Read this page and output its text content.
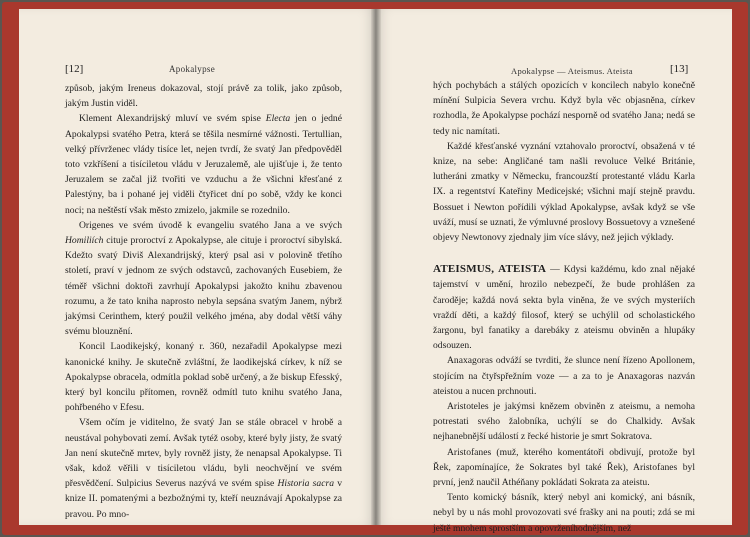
[12]	Apokalypse

způsob, jakým Ireneus dokazoval, stojí právě za tolik, jako způsob, jakým Justin viděl.

Klement Alexandrijský mluví ve svém spise Electa jen o jedné Apokalypsi svatého Petra, která se těšila nesmírné vážnosti. Tertullian, velký přívrženec vlády tisíce let, nejen tvrdí, že svatý Jan předpověděl toto vzkříšení a tisíciletou vládu v Jeruzalemě, ale ujišťuje i, že tento Jeruzalem se začal již tvořiti ve vzduchu a že všichni křesťané z Palestýny, ba i pohané jej viděli čtyřicet dní po sobě, vždy ke konci noci; na neštěstí však město zmizelo, jakmile se rozednilo.

Origenes ve svém úvodě k evangeliu svatého Jana a ve svých Homiliích cituje proroctví z Apokalypse, ale cituje i proroctví sibylská. Kdežto svatý Diviš Alexandrijský, který psal asi v polovině třetího století, praví v jednom ze svých odstavců, zachovaných Eusebiem, že téměř všichni doktoři zavrhují Apokalypsi jakožto knihu zbavenou rozumu, a že tato kniha naprosto nebyla sepsána svatým Janem, nýbrž jakýmsi Cerinthem, který použil velkého jména, aby dodal větší váhy svému blouznění.

Koncil Laodikejský, konaný r. 360, nezařadil Apokalypse mezi kanonické knihy. Je skutečně zvláštní, že laodikejská církev, k níž se Apokalypse obracela, odmítla poklad sobě určený, a že biskup Efesský, který byl koncilu přítomen, rovněž odmítl tuto knihu svatého Jana, pohřbeného v Efesu.

Všem očím je viditelno, že svatý Jan se stále obracel v hrobě a neustával pohybovati zemí. Avšak tytéž osoby, které byly jisty, že svatý Jan není skutečně mrtev, byly rovněž jisty, že nenapsal Apokalypse. Ti však, kdož věřili v tisíciletou vládu, byli neochvějní ve svém přesvědčení. Sulpicius Severus nazývá ve svém spise Historia sacra v knize II. pomatenými a bezbožnými ty, kteří neuznávají Apokalypse za pravou. Po mno-

Apokalypse — Ateismus. Ateista	[13]

hých pochybách a stálých opozicích v koncilech nabylo konečně mínění Sulpicia Severa vrchu. Když byla věc objasněna, církev rozhodla, že Apokalypse pochází nesporně od svatého Jana; nedá se tedy nic namítati.

Každé křesťanské vyznání vztahovalo proroctví, obsažená v té knize, na sebe: Angličané tam našli revoluce Velké Británie, lutheráni zmatky v Německu, francouzští protestanté vládu Karla IX. a regentství Kateřiny Medicejské; všichni mají stejně pravdu. Bossuet i Newton pořídili výklad Apokalypse, avšak když se vše uváží, musí se uznati, že výmluvné proslovy Bossuetovy a vznešené objevy Newtonovy zjednaly jim více slávy, než jejich výklady.

ATEISMUS, ATEISTA — Kdysi každému, kdo znal nějaké tajemství v umění, hrozilo nebezpečí, že bude prohlášen za čaroděje; každá nová sekta byla viněna, že ve svých mysteriích vraždí děti, a každý filosof, který se uchýlil od scholastického žargonu, byl fanatiky a darebáky z ateismu obviněn a hlupáky odsouzen.

Anaxagoras odváží se tvrditi, že slunce není řízeno Apollonem, stojícím na čtyřspřežním voze — a za to je Anaxagoras nazván ateistou a nucen prchnouti.

Aristoteles je jakýmsi knězem obviněn z ateismu, a nemoha potrestati svého žalobníka, uchýlí se do Chalkidy. Avšak nejhanebnější událostí z řecké historie je smrt Sokratova.

Aristofanes (muž, kterého komentátoři obdivují, protože byl Řek, zapomínajíce, že Sokrates byl také Řek), Aristofanes byl první, jenž naučil Athéňany pokládati Sokrata za ateistu.

Tento komický básník, který nebyl ani komický, ani básník, nebyl by u nás mohl provozovati své frašky ani na pouti; zdá se mi ještě mnohem sprostším a opovrženíhodnějším, než
